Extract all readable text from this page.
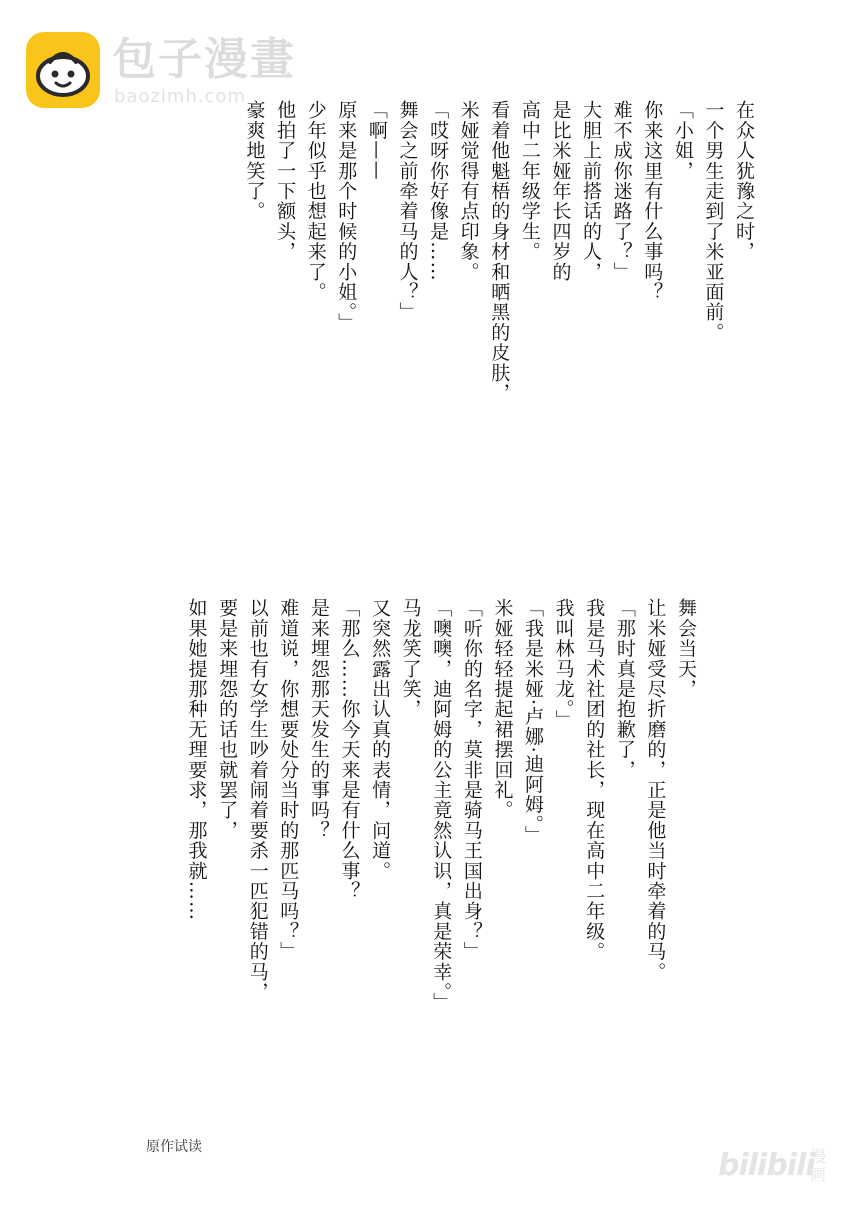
包子漫畫
baozimh.com

在众人犹豫之时，

一个男生走到了米亚面前。

「小姐，

你来这里有什么事吗？

难不成你迷路了？」

大胆上前搭话的人，

是比米娅年长四岁的

高中二年级学生。

看着他魁梧的身材和晒黑的皮肤，

米娅觉得有点印象。

「哎呀你好像是……

舞会之前牵着马的人？」

「啊——

原来是那个时候的小姐。」

少年似乎也想起来了。

他拍了一下额头，

豪爽地笑了。

舞会当天，

让米娅受尽折磨的，正是他当时牵着的马。

「那时真是抱歉了，

我是马术社团的社长，现在高中二年级。

我叫林马龙。」

「我是米娅·卢娜·迪阿姆。」

米娅轻轻提起裙摆回礼。

「听你的名字，莫非是骑马王国出身？」

「噢噢，迪阿姆的公主竟然认识，真是荣幸。」

马龙笑了笑，

又突然露出认真的表情，问道。

「那么……你今天来是有什么事？

是来埋怨那天发生的事吗？

难道说，你想要处分当时的那匹马吗？」

以前也有女学生吵着闹着要杀一匹犯错的马，

要是来埋怨的话也就罢了，

如果她提那种无理要求，那我就……

原作试读
bilibili
漫画
